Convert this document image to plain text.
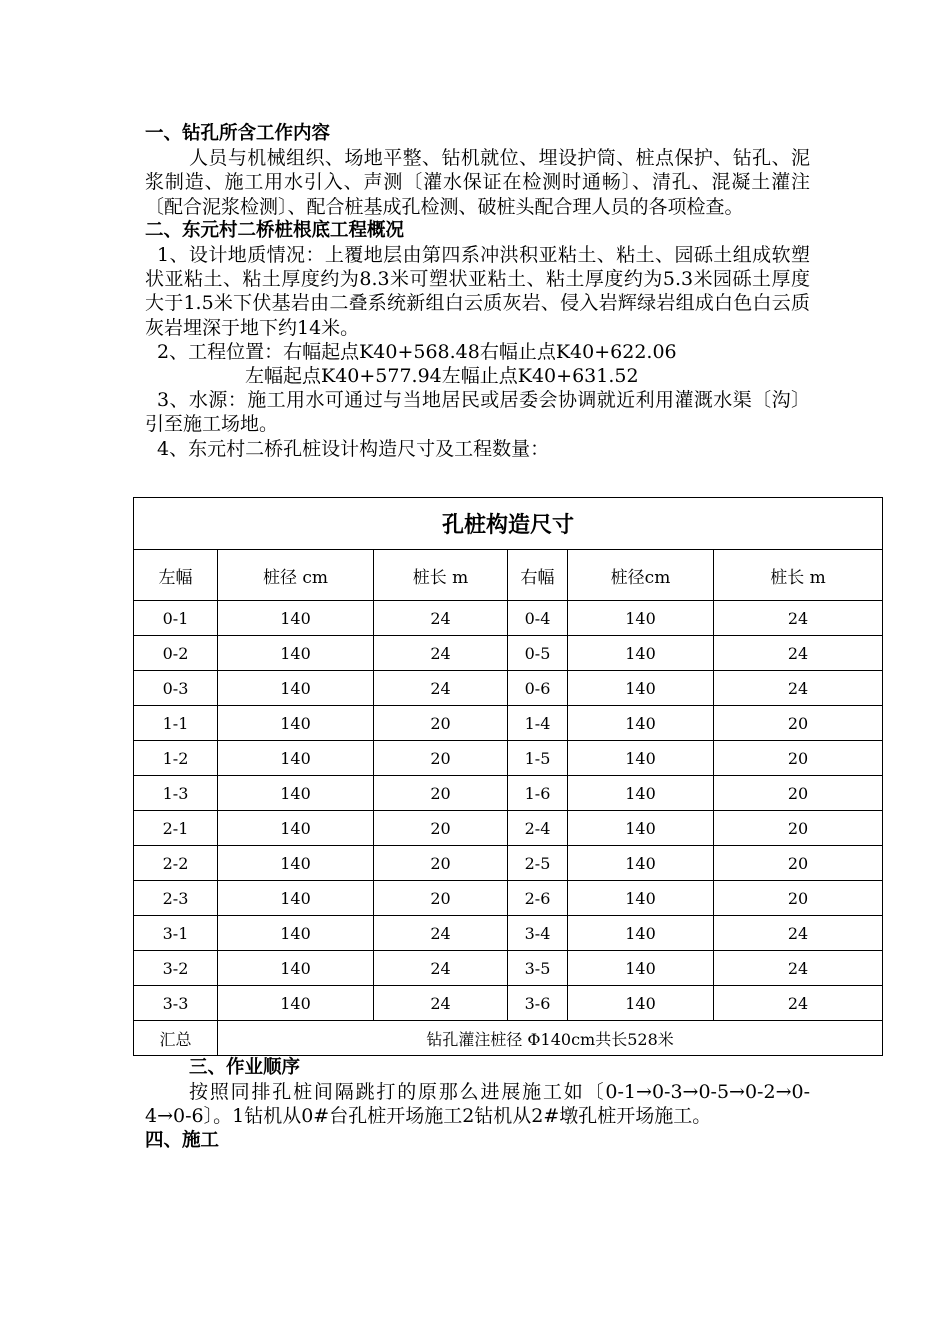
一、钻孔所含工作内容
人员与机械组织、场地平整、钻机就位、埋设护筒、桩点保护、钻孔、泥浆制造、施工用水引入、声测〔灌水保证在检测时通畅〕、清孔、混凝土灌注〔配合泥浆检测〕、配合桩基成孔检测、破桩头配合理人员的各项检查。
二、东元村二桥桩根底工程概况
1、设计地质情况：上覆地层由第四系冲洪积亚粘土、粘土、园砾土组成软塑状亚粘土、粘土厚度约为8.3米可塑状亚粘土、粘土厚度约为5.3米园砾土厚度大于1.5米下伏基岩由二叠系统新组白云质灰岩、侵入岩辉绿岩组成白色白云质灰岩埋深于地下约14米。
2、工程位置：右幅起点K40+568.48右幅止点K40+622.06
左幅起点K40+577.94左幅止点K40+631.52
3、水源：施工用水可通过与当地居民或居委会协调就近利用灌溉水渠〔沟〕引至施工场地。
4、东元村二桥孔桩设计构造尺寸及工程数量：
孔桩构造尺寸					
左幅	桩径 cm	桩长 m	右幅	桩径cm	桩长 m
0-1	140	24	0-4	140	24
0-2	140	24	0-5	140	24
0-3	140	24	0-6	140	24
1-1	140	20	1-4	140	20
1-2	140	20	1-5	140	20
1-3	140	20	1-6	140	20
2-1	140	20	2-4	140	20
2-2	140	20	2-5	140	20
2-3	140	20	2-6	140	20
3-1	140	24	3-4	140	24
3-2	140	24	3-5	140	24
3-3	140	24	3-6	140	24
汇总	钻孔灌注桩径 Φ140cm共长528米				
三、作业顺序
按照同排孔桩间隔跳打的原那么进展施工如〔0-1→0-3→0-5→0-2→0-4→0-6〕。1钻机从0#台孔桩开场施工2钻机从2#墩孔桩开场施工。
四、施工
